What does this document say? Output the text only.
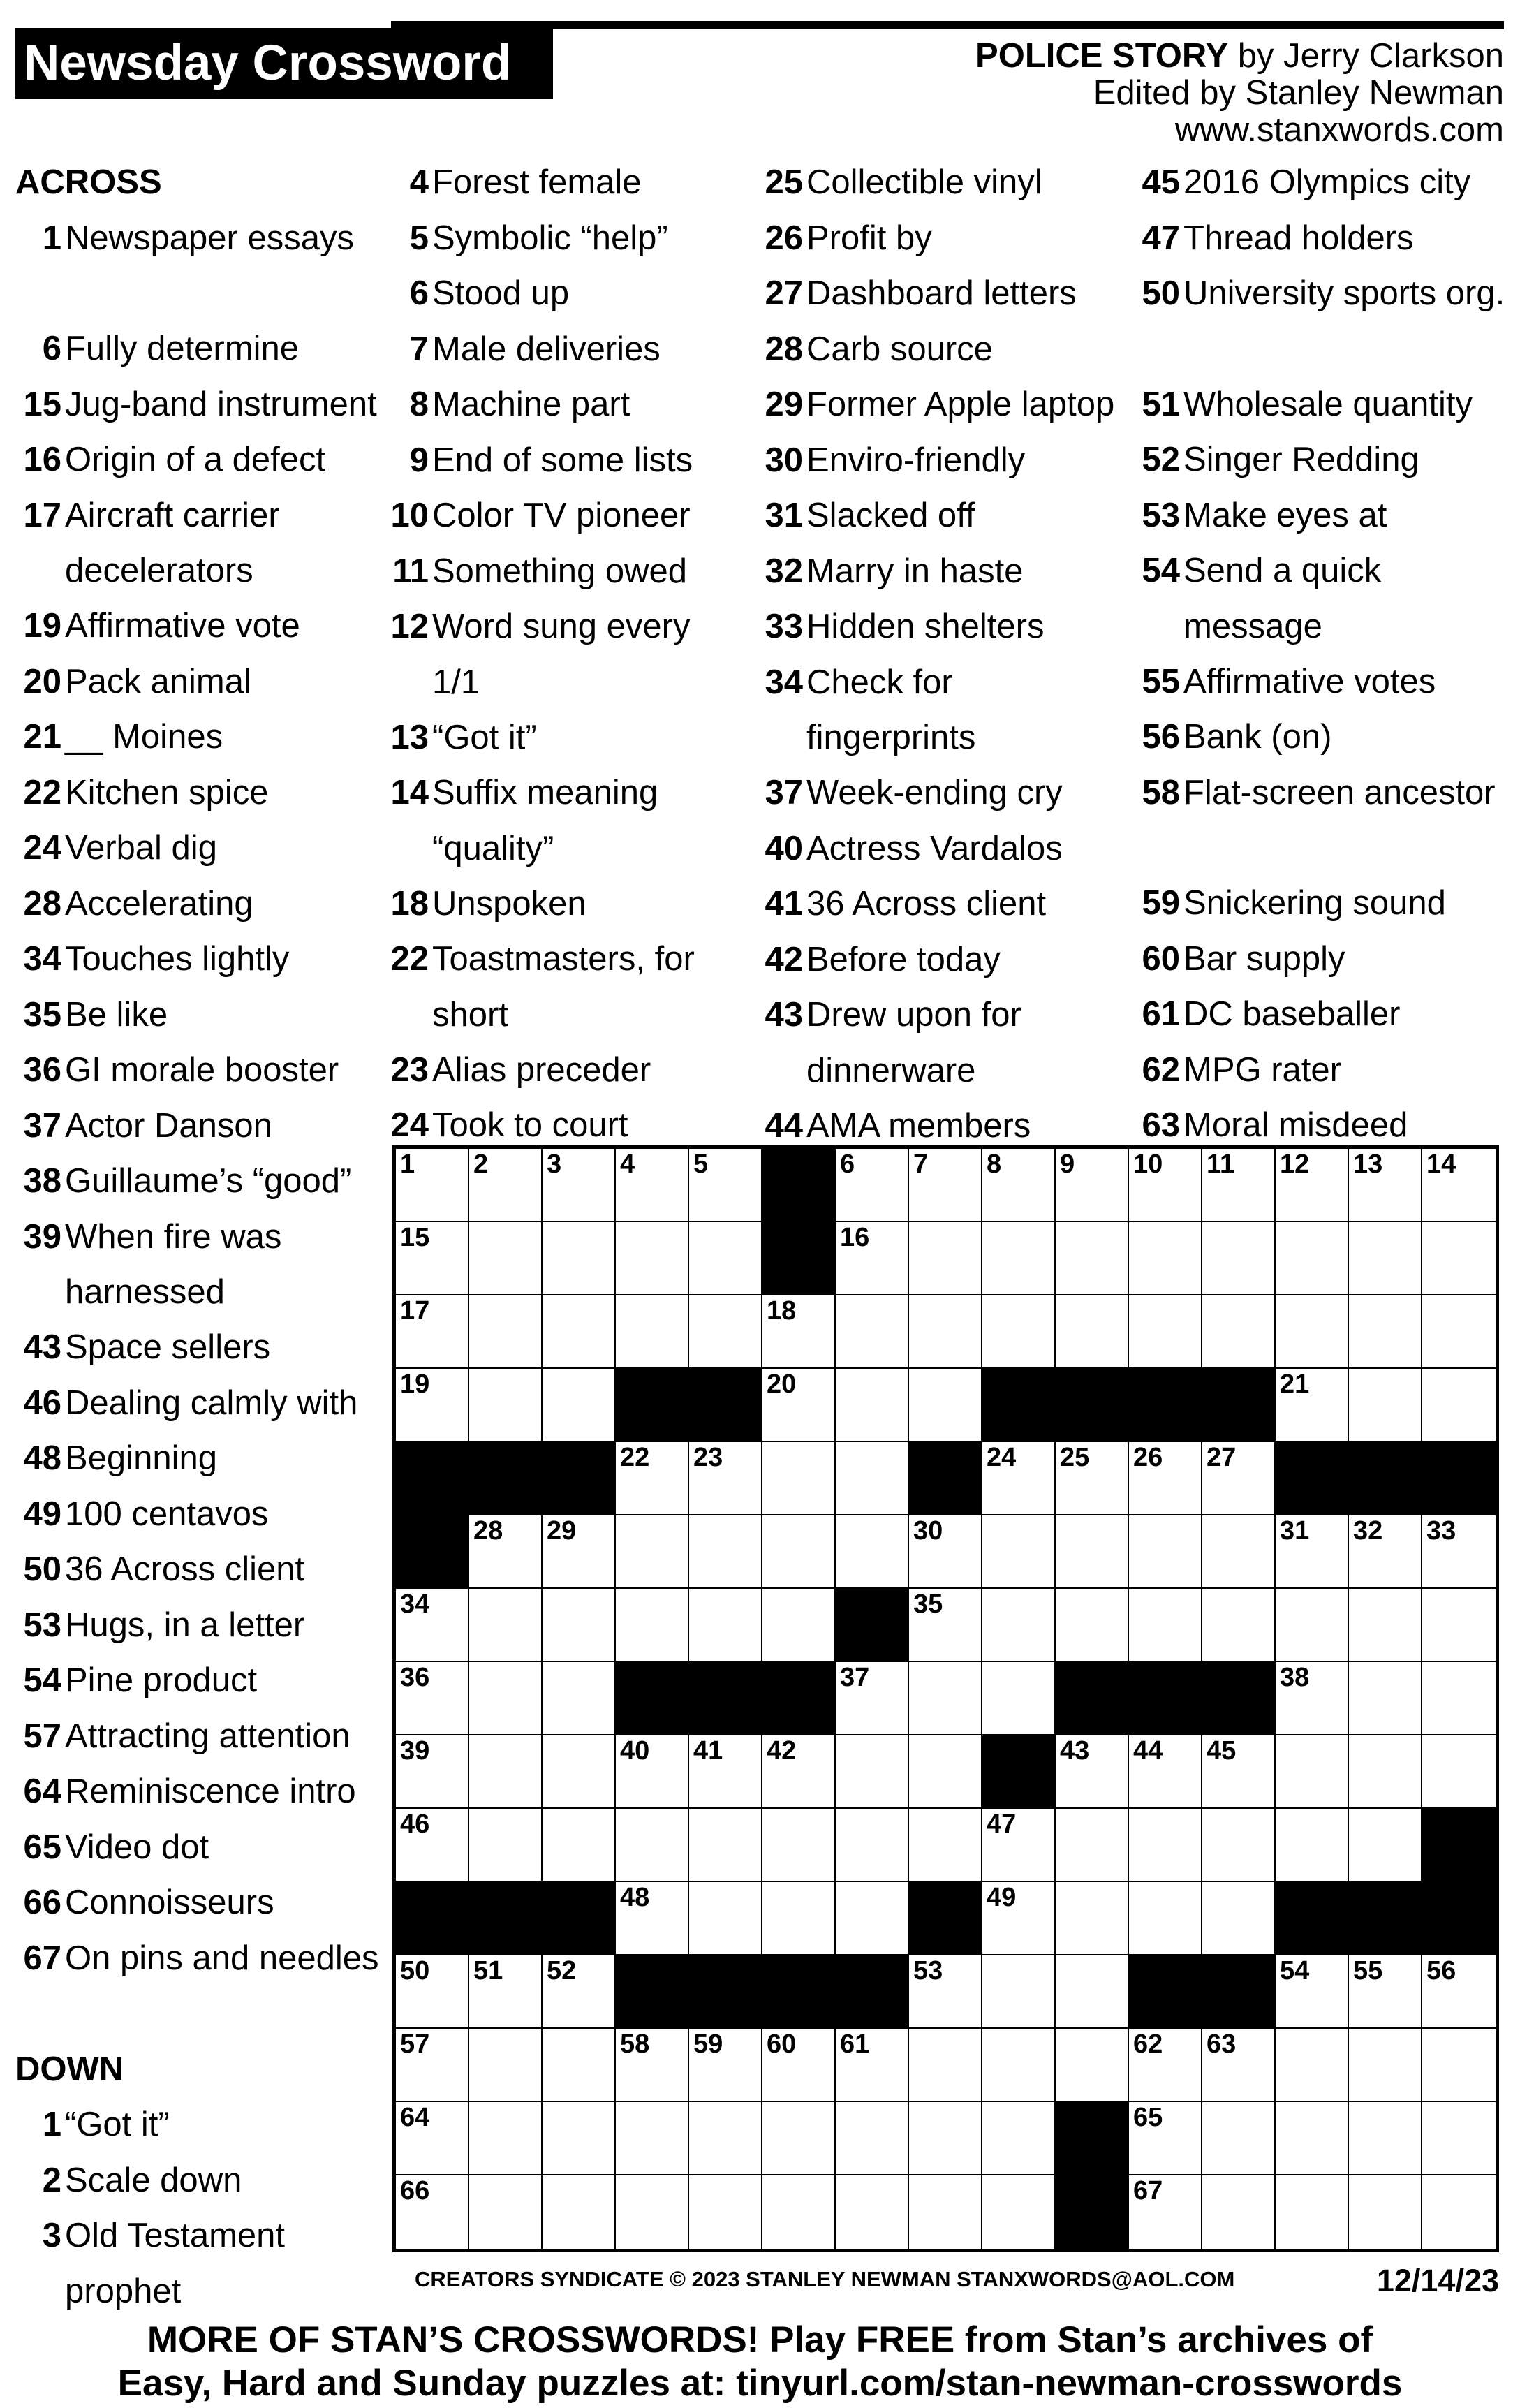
Newsday Crossword	POLICE STORY by Jerry Clarkson
Edited by Stanley Newman
www.stanxwords.com
ACROSS
1 Newspaper essays
6 Fully determine
15 Jug-band instrument
16 Origin of a defect
17 Aircraft carrier decelerators
19 Affirmative vote
20 Pack animal
21 __ Moines
22 Kitchen spice
24 Verbal dig
28 Accelerating
34 Touches lightly
35 Be like
36 GI morale booster
37 Actor Danson
38 Guillaume’s “good”
39 When fire was harnessed
43 Space sellers
46 Dealing calmly with
48 Beginning
49 100 centavos
50 36 Across client
53 Hugs, in a letter
54 Pine product
57 Attracting attention
64 Reminiscence intro
65 Video dot
66 Connoisseurs
67 On pins and needles
DOWN
1 “Got it”
2 Scale down
3 Old Testament prophet
4 Forest female
5 Symbolic “help”
6 Stood up
7 Male deliveries
8 Machine part
9 End of some lists
10 Color TV pioneer
11 Something owed
12 Word sung every 1/1
13 “Got it”
14 Suffix meaning “quality”
18 Unspoken
22 Toastmasters, for short
23 Alias preceder
24 Took to court
25 Collectible vinyl
26 Profit by
27 Dashboard letters
28 Carb source
29 Former Apple laptop
30 Enviro-friendly
31 Slacked off
32 Marry in haste
33 Hidden shelters
34 Check for fingerprints
37 Week-ending cry
40 Actress Vardalos
41 36 Across client
42 Before today
43 Drew upon for dinnerware
44 AMA members
45 2016 Olympics city
47 Thread holders
50 University sports org.
51 Wholesale quantity
52 Singer Redding
53 Make eyes at
54 Send a quick message
55 Affirmative votes
56 Bank (on)
58 Flat-screen ancestor
59 Snickering sound
60 Bar supply
61 DC baseballer
62 MPG rater
63 Moral misdeed
1 2 3 4 5	6 7 8 9 10 11 12 13 14
15	16
17	18
19	20	21
22 23	24 25 26 27
28 29	30	31 32 33
34	35
36	37	38
39	40 41 42	43 44 45
46	47
48	49
50 51 52	53	54 55 56
57	58 59 60 61	62 63
64	65
66	67
CREATORS SYNDICATE © 2023 STANLEY NEWMAN STANXWORDS@AOL.COM	12/14/23
MORE OF STAN’S CROSSWORDS! Play FREE from Stan’s archives of
Easy, Hard and Sunday puzzles at: tinyurl.com/stan-newman-crosswords
